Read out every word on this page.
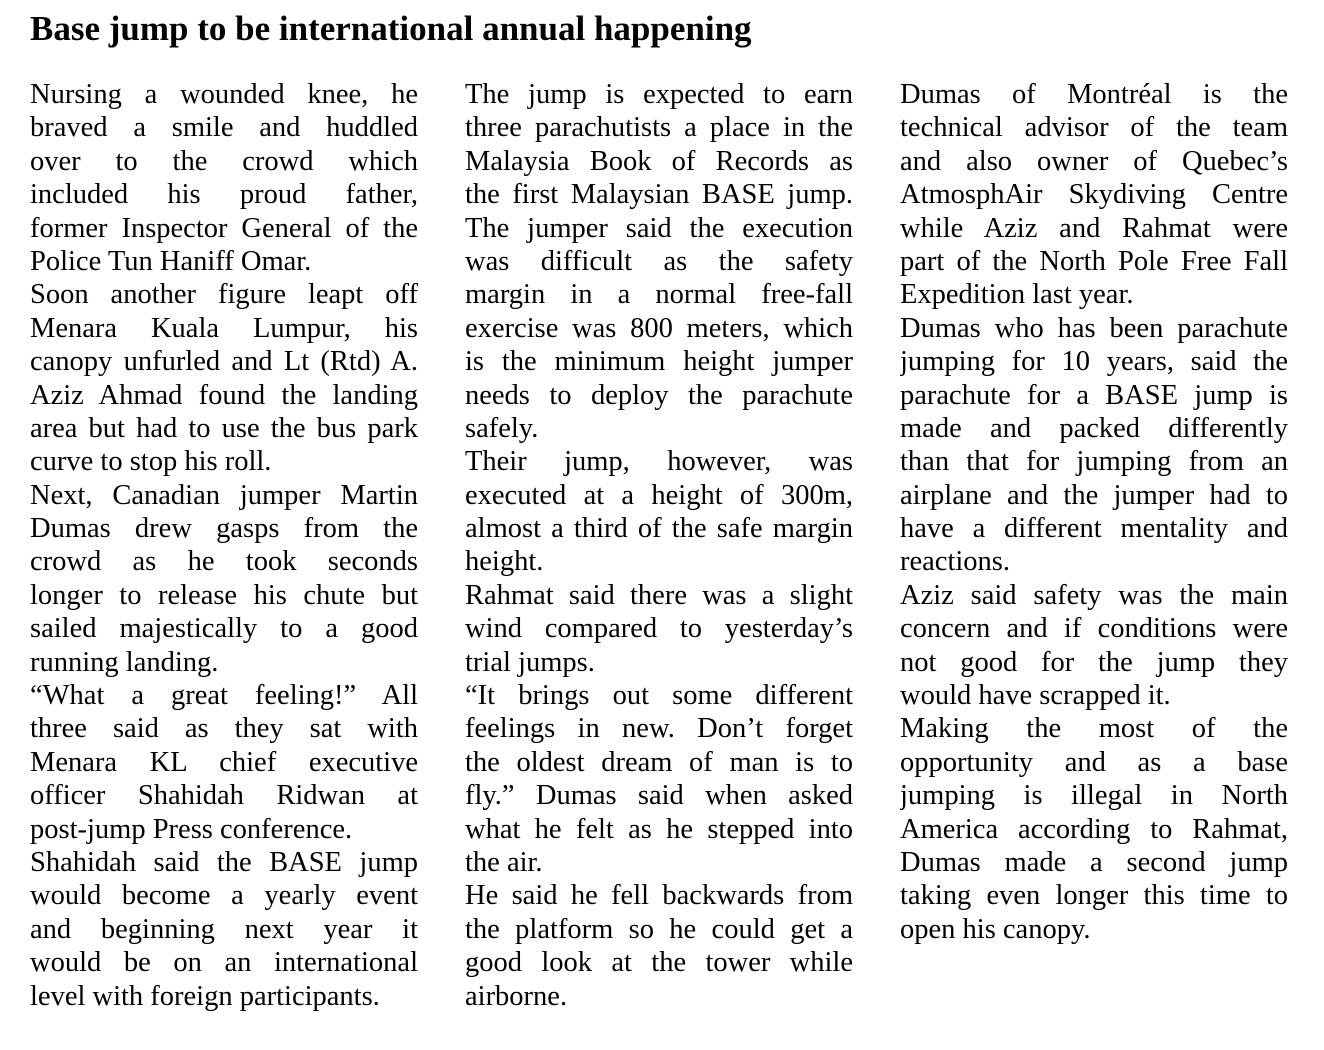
Base jump to be international annual happening
Nursing a wounded knee, he
braved a smile and huddled
over to the crowd which
included his proud father,
former Inspector General of the
Police Tun Haniff Omar.
Soon another figure leapt off
Menara Kuala Lumpur, his
canopy unfurled and Lt (Rtd) A.
Aziz Ahmad found the landing
area but had to use the bus park
curve to stop his roll.
Next, Canadian jumper Martin
Dumas drew gasps from the
crowd as he took seconds
longer to release his chute but
sailed majestically to a good
running landing.
“What a great feeling!” All
three said as they sat with
Menara KL chief executive
officer Shahidah Ridwan at
post-jump Press conference.
Shahidah said the BASE jump
would become a yearly event
and beginning next year it
would be on an international
level with foreign participants.
The jump is expected to earn
three parachutists a place in the
Malaysia Book of Records as
the first Malaysian BASE jump.
The jumper said the execution
was difficult as the safety
margin in a normal free-fall
exercise was 800 meters, which
is the minimum height jumper
needs to deploy the parachute
safely.
Their jump, however, was
executed at a height of 300m,
almost a third of the safe margin
height.
Rahmat said there was a slight
wind compared to yesterday’s
trial jumps.
“It brings out some different
feelings in new. Don’t forget
the oldest dream of man is to
fly.” Dumas said when asked
what he felt as he stepped into
the air.
He said he fell backwards from
the platform so he could get a
good look at the tower while
airborne.
Dumas of Montréal is the
technical advisor of the team
and also owner of Quebec’s
AtmosphAir Skydiving Centre
while Aziz and Rahmat were
part of the North Pole Free Fall
Expedition last year.
Dumas who has been parachute
jumping for 10 years, said the
parachute for a BASE jump is
made and packed differently
than that for jumping from an
airplane and the jumper had to
have a different mentality and
reactions.
Aziz said safety was the main
concern and if conditions were
not good for the jump they
would have scrapped it.
Making the most of the
opportunity and as a base
jumping is illegal in North
America according to Rahmat,
Dumas made a second jump
taking even longer this time to
open his canopy.
